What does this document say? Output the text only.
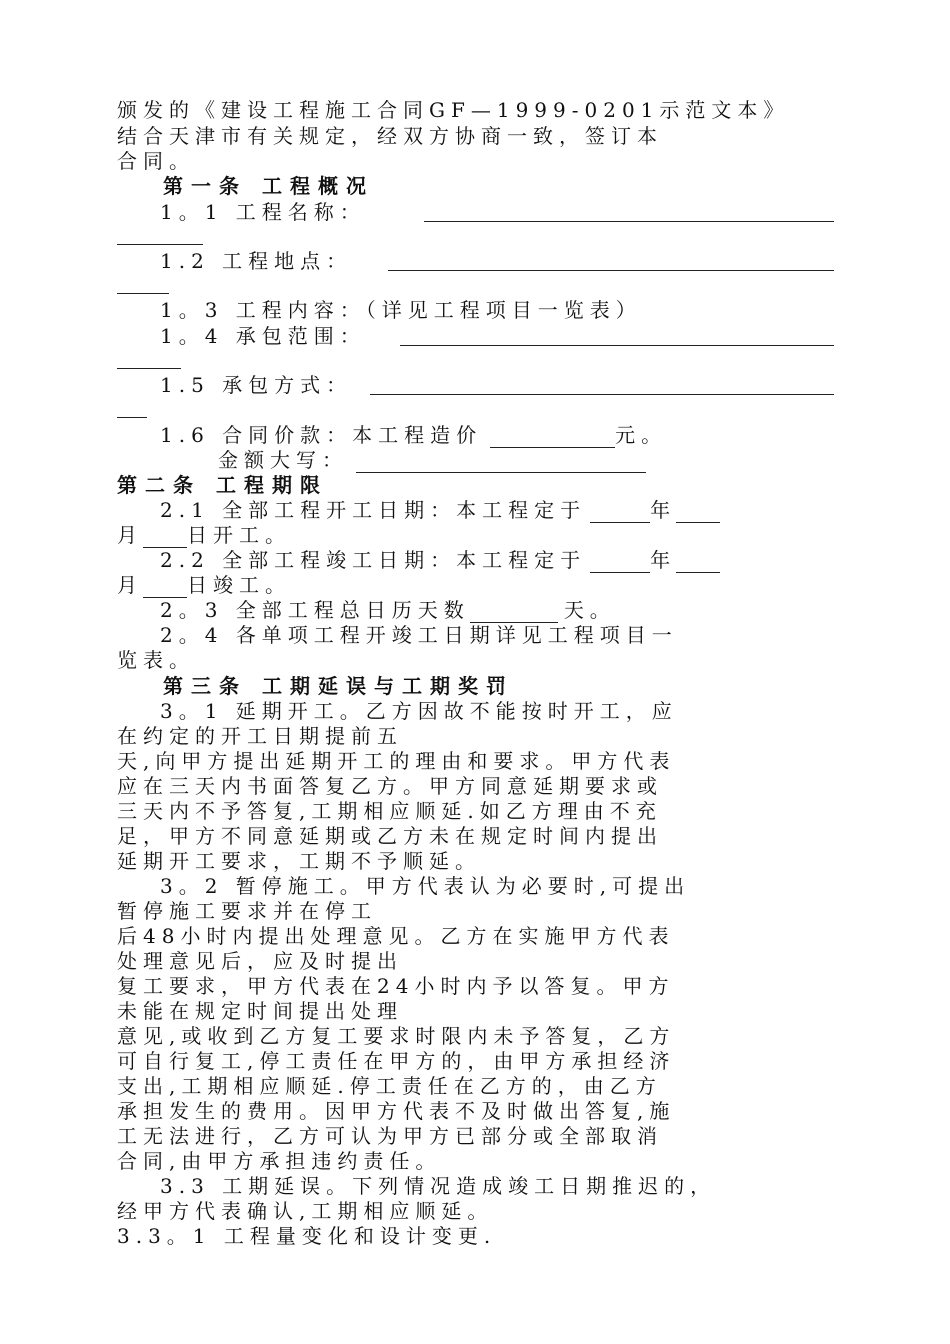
颁发的《建设工程施工合同GF—1999-0201示范文本》
结合天津市有关规定，经双方协商一致，签订本
合同。
第一条 工程概况
1。1 工程名称：
1.2 工程地点：
1。3 工程内容：（详见工程项目一览表）
1。4 承包范围：
1.5 承包方式：
1.6 合同价款：本工程造价	元。
金额大写：
第二条 工程期限
2.1 全部工程开工日期：本工程定于	年
月 日开工。
2.2 全部工程竣工日期：本工程定于	年
月 日竣工。
2。3 全部工程总日历天数	天。
2。4 各单项工程开竣工日期详见工程项目一
览表。
第三条 工期延误与工期奖罚
3。1 延期开工。乙方因故不能按时开工，应
在约定的开工日期提前五
天,向甲方提出延期开工的理由和要求。甲方代表
应在三天内书面答复乙方。甲方同意延期要求或
三天内不予答复,工期相应顺延.如乙方理由不充
足，甲方不同意延期或乙方未在规定时间内提出
延期开工要求，工期不予顺延。
3。2 暂停施工。甲方代表认为必要时,可提出
暂停施工要求并在停工
后48小时内提出处理意见。乙方在实施甲方代表
处理意见后，应及时提出
复工要求，甲方代表在24小时内予以答复。甲方
未能在规定时间提出处理
意见,或收到乙方复工要求时限内未予答复，乙方
可自行复工,停工责任在甲方的，由甲方承担经济
支出,工期相应顺延.停工责任在乙方的，由乙方
承担发生的费用。因甲方代表不及时做出答复,施
工无法进行，乙方可认为甲方已部分或全部取消
合同,由甲方承担违约责任。
3.3 工期延误。下列情况造成竣工日期推迟的，
经甲方代表确认,工期相应顺延。
3.3。1 工程量变化和设计变更.
